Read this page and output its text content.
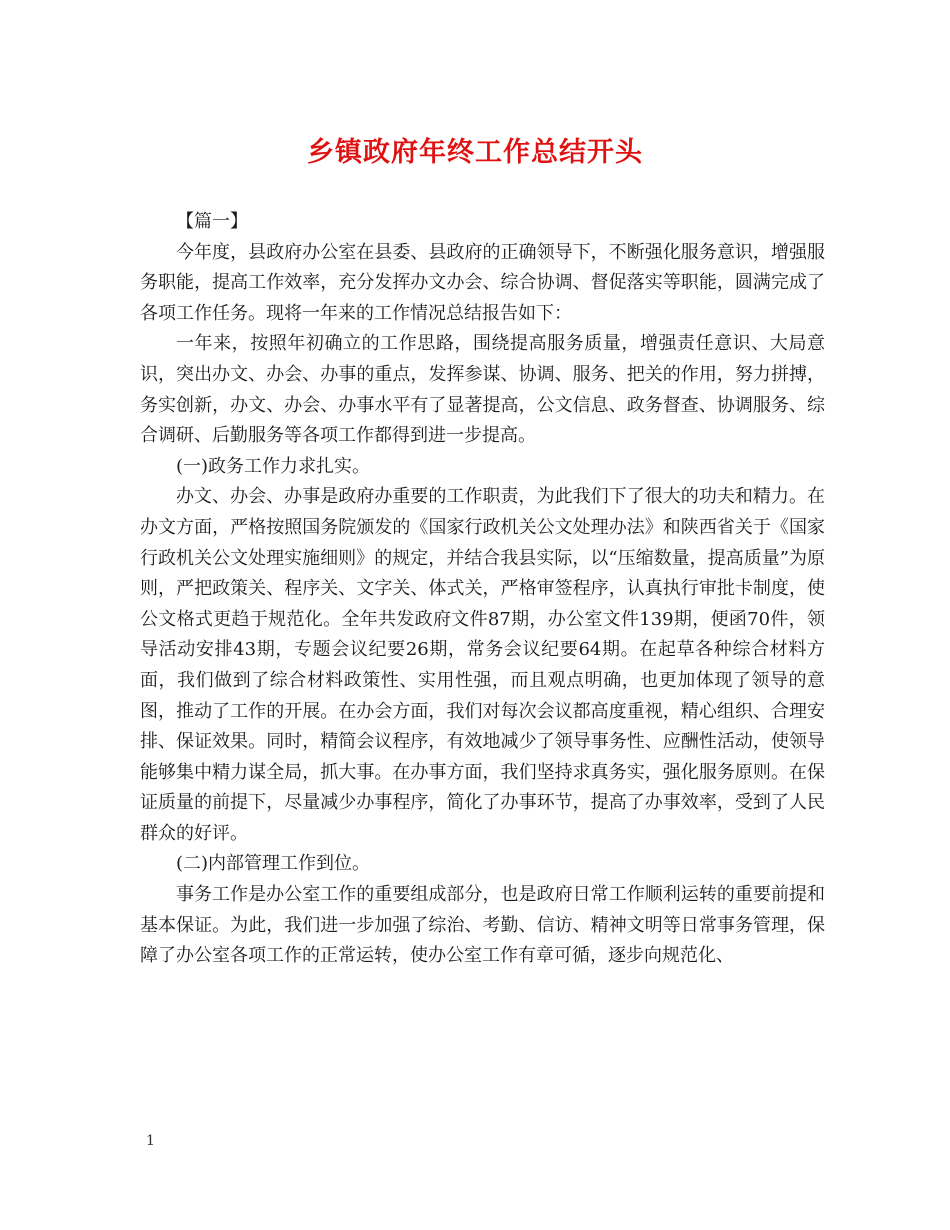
乡镇政府年终工作总结开头

【篇一】

今年度，县政府办公室在县委、县政府的正确领导下，不断强化服务意识，增强服务职能，提高工作效率，充分发挥办文办会、综合协调、督促落实等职能，圆满完成了各项工作任务。现将一年来的工作情况总结报告如下：

一年来，按照年初确立的工作思路，围绕提高服务质量，增强责任意识、大局意识，突出办文、办会、办事的重点，发挥参谋、协调、服务、把关的作用，努力拼搏，务实创新，办文、办会、办事水平有了显著提高，公文信息、政务督查、协调服务、综合调研、后勤服务等各项工作都得到进一步提高。

(一)政务工作力求扎实。

办文、办会、办事是政府办重要的工作职责，为此我们下了很大的功夫和精力。在办文方面，严格按照国务院颁发的《国家行政机关公文处理办法》和陕西省关于《国家行政机关公文处理实施细则》的规定，并结合我县实际，以“压缩数量，提高质量”为原则，严把政策关、程序关、文字关、体式关，严格审签程序，认真执行审批卡制度，使公文格式更趋于规范化。全年共发政府文件87期，办公室文件139期，便函70件，领导活动安排43期，专题会议纪要26期，常务会议纪要64期。在起草各种综合材料方面，我们做到了综合材料政策性、实用性强，而且观点明确，也更加体现了领导的意图，推动了工作的开展。在办会方面，我们对每次会议都高度重视，精心组织、合理安排、保证效果。同时，精简会议程序，有效地减少了领导事务性、应酬性活动，使领导能够集中精力谋全局，抓大事。在办事方面，我们坚持求真务实，强化服务原则。在保证质量的前提下，尽量减少办事程序，简化了办事环节，提高了办事效率，受到了人民群众的好评。

(二)内部管理工作到位。

事务工作是办公室工作的重要组成部分，也是政府日常工作顺利运转的重要前提和基本保证。为此，我们进一步加强了综治、考勤、信访、精神文明等日常事务管理，保障了办公室各项工作的正常运转，使办公室工作有章可循，逐步向规范化、

1
